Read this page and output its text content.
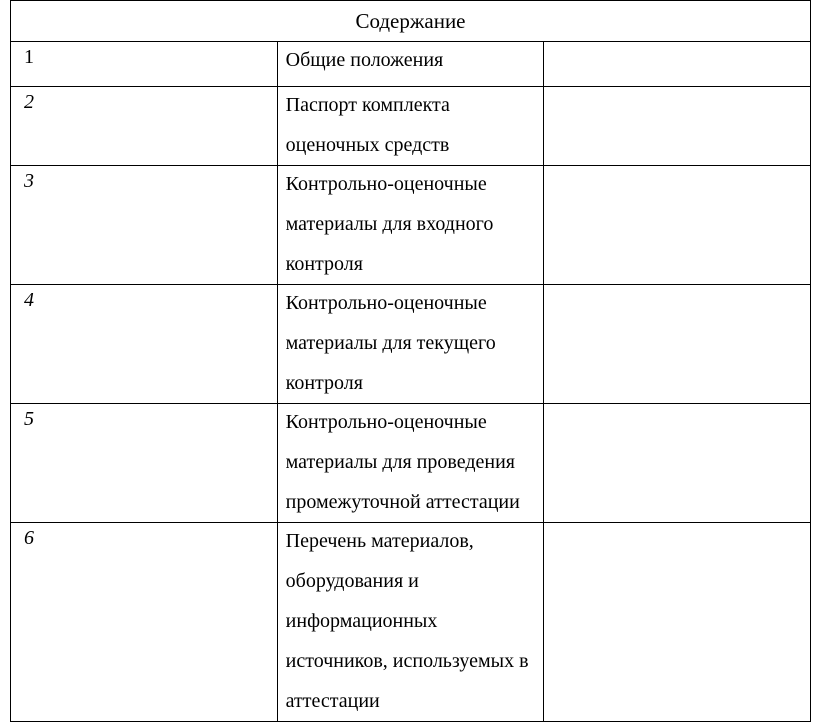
Содержание		
1	Общие положения	

2	Паспорт комплекта оценочных средств	

3	Контрольно-оценочные материалы для входного контроля	

4	Контрольно-оценочные материалы для текущего контроля	

5	Контрольно-оценочные материалы для проведения промежуточной аттестации	

6	Перечень материалов, оборудования и информационных источников, используемых в аттестации	
